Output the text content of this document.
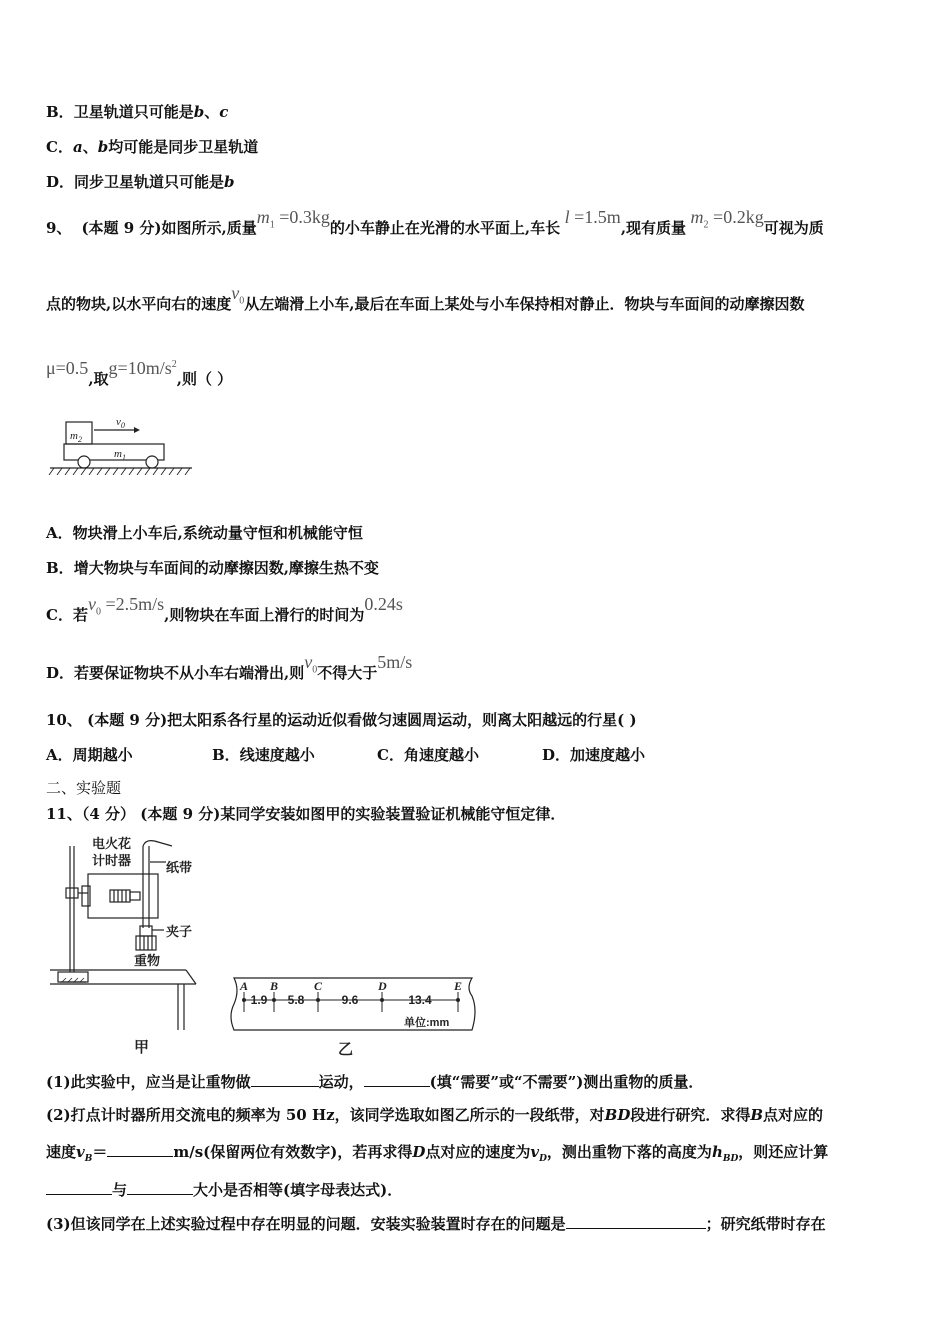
B．卫星轨道只可能是b、c
C．a、b均可能是同步卫星轨道
D．同步卫星轨道只可能是b
9、 (本题 9 分)如图所示,质量$m_1 =0.3kg$的小车静止在光滑的水平面上,车长 l =1.5m,现有质量 $m_2 =0.2kg$可视为质
点的物块,以水平向右的速度$v_0$从左端滑上小车,最后在车面上某处与小车保持相对静止．物块与车面间的动摩擦因数
μ=0.5,取$g=10m/s^2$,则（ ）
$m_2$
$v_0$
$m_1$
A．物块滑上小车后,系统动量守恒和机械能守恒
B．增大物块与车面间的动摩擦因数,摩擦生热不变
C．若$v_0 =2.5m/s$,则物块在车面上滑行的时间为0.24s
D．若要保证物块不从小车右端滑出,则$v_0$不得大于5m/s
10、 (本题 9 分)把太阳系各行星的运动近似看做匀速圆周运动，则离太阳越远的行星( )
A．周期越小	B．线速度越小	C．角速度越小	D．加速度越小
二、实验题
11、（4 分） (本题 9 分)某同学安装如图甲的实验装置验证机械能守恒定律．
电火花
计时器	纸带
夹子
重物
甲
A B	C	D	E
1.9 5.8	9.6	13.4
单位:mm
乙
(1)此实验中，应当是让重物做	运动，	(填“需要”或“不需要”)测出重物的质量．
(2)打点计时器所用交流电的频率为 50 Hz，该同学选取如图乙所示的一段纸带，对BD段进行研究．求得B点对应的
速度$v_B=$	m/s(保留两位有效数字)，若再求得D点对应的速度为$v_D$，测出重物下落的高度为$h_{BD}$，则还应计算
与	大小是否相等(填字母表达式)．
(3)但该同学在上述实验过程中存在明显的问题．安装实验装置时存在的问题是	；研究纸带时存在
